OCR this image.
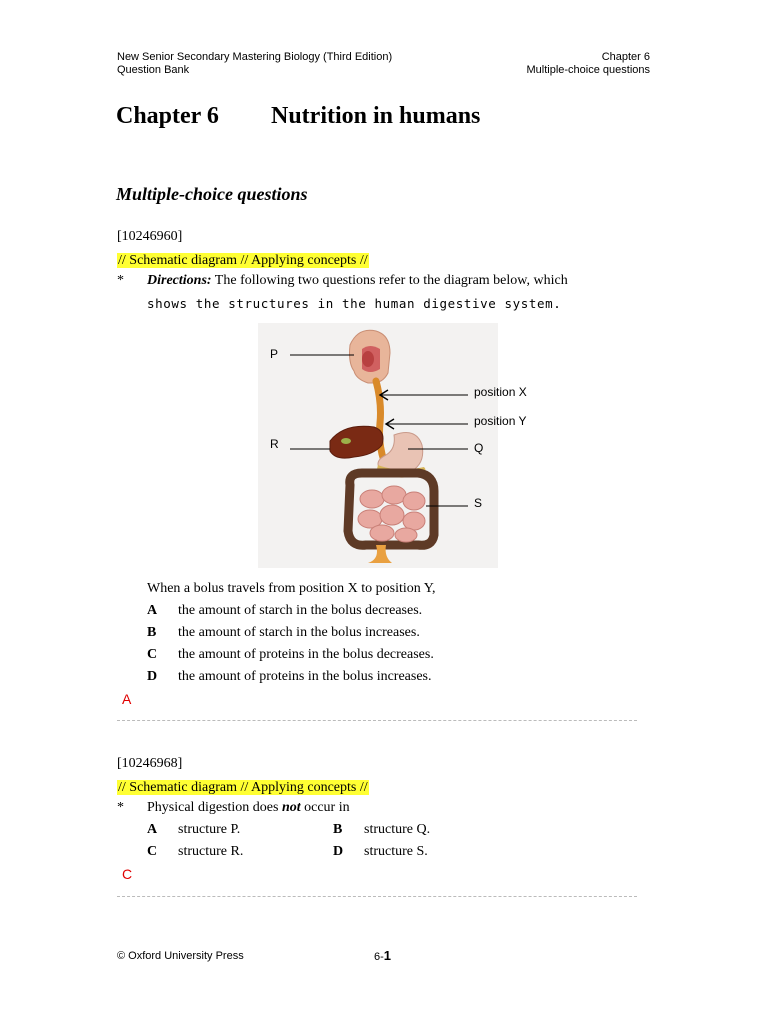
New Senior Secondary Mastering Biology (Third Edition)
Question Bank
Chapter 6
Multiple-choice questions
Chapter 6 Nutrition in humans
Multiple-choice questions
[10246960]
// Schematic diagram // Applying concepts //
* Directions: The following two questions refer to the diagram below, which
shows the structures in the human digestive system.
P
R
position X
position Y
Q
S
When a bolus travels from position X to position Y,
A the amount of starch in the bolus decreases.
B the amount of starch in the bolus increases.
C the amount of proteins in the bolus decreases.
D the amount of proteins in the bolus increases.
A
[10246968]
// Schematic diagram // Applying concepts //
* Physical digestion does not occur in
A structure P.	B structure Q.
C structure R.	D structure S.
C
© Oxford University Press	6-1
